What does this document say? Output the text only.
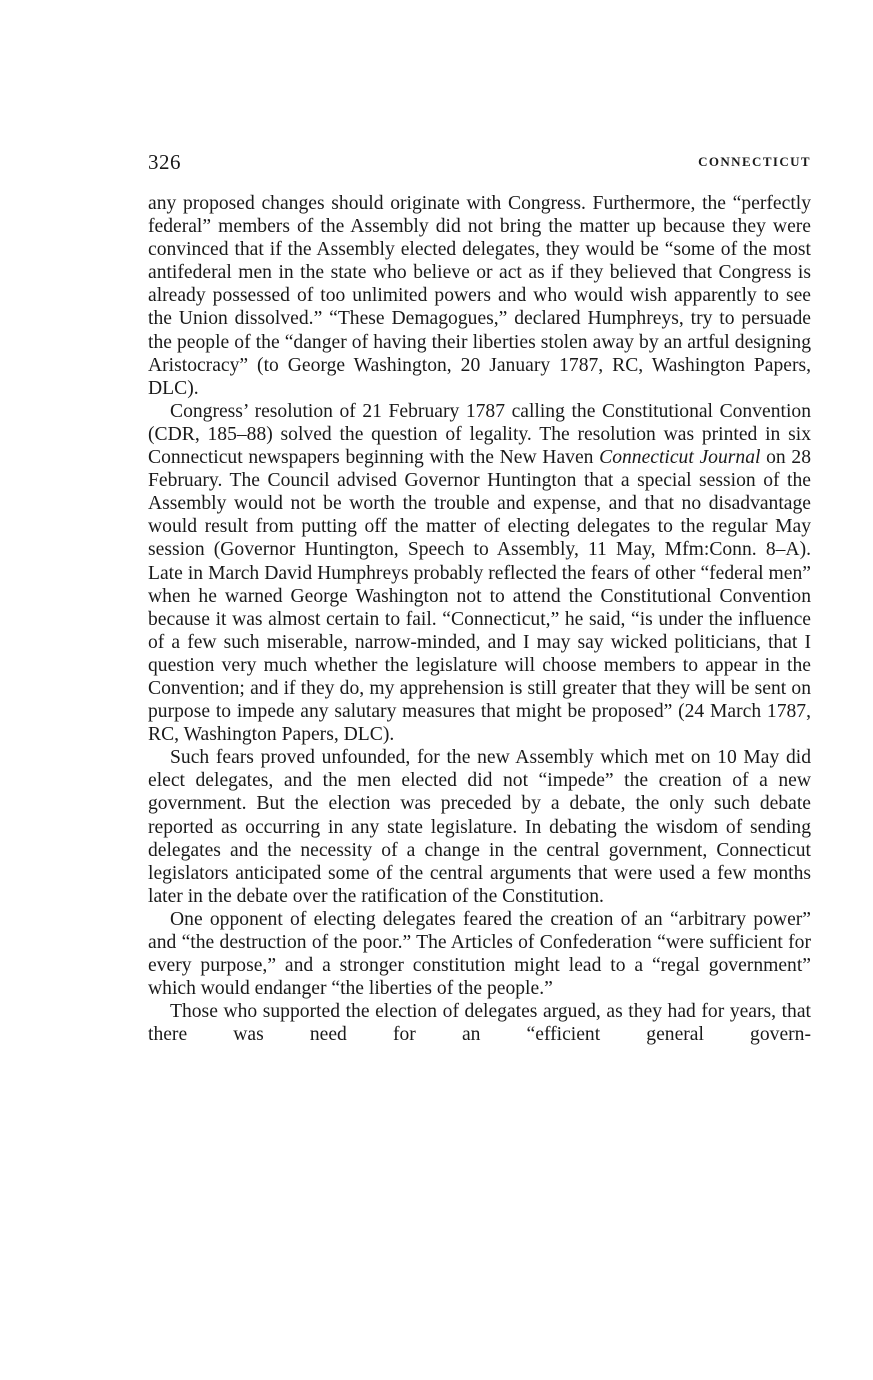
326	CONNECTICUT

any proposed changes should originate with Congress. Furthermore, the “perfectly federal” members of the Assembly did not bring the matter up because they were convinced that if the Assembly elected delegates, they would be “some of the most antifederal men in the state who believe or act as if they believed that Congress is already possessed of too unlimited powers and who would wish apparently to see the Union dissolved.” “These Demagogues,” declared Humphreys, try to persuade the people of the “danger of having their liberties stolen away by an artful designing Aristocracy” (to George Washington, 20 January 1787, RC, Washington Papers, DLC).

Congress’ resolution of 21 February 1787 calling the Constitutional Convention (CDR, 185–88) solved the question of legality. The resolution was printed in six Connecticut newspapers beginning with the New Haven Connecticut Journal on 28 February. The Council advised Governor Huntington that a special session of the Assembly would not be worth the trouble and expense, and that no disadvantage would result from putting off the matter of electing delegates to the regular May session (Governor Huntington, Speech to Assembly, 11 May, Mfm:Conn. 8–A). Late in March David Humphreys probably reflected the fears of other “federal men” when he warned George Washington not to attend the Constitutional Convention because it was almost certain to fail. “Connecticut,” he said, “is under the influence of a few such miserable, narrow-minded, and I may say wicked politicians, that I question very much whether the legislature will choose members to appear in the Convention; and if they do, my apprehension is still greater that they will be sent on purpose to impede any salutary measures that might be proposed” (24 March 1787, RC, Washington Papers, DLC).

Such fears proved unfounded, for the new Assembly which met on 10 May did elect delegates, and the men elected did not “impede” the creation of a new government. But the election was preceded by a debate, the only such debate reported as occurring in any state legislature. In debating the wisdom of sending delegates and the necessity of a change in the central government, Connecticut legislators anticipated some of the central arguments that were used a few months later in the debate over the ratification of the Constitution.

One opponent of electing delegates feared the creation of an “arbitrary power” and “the destruction of the poor.” The Articles of Confederation “were sufficient for every purpose,” and a stronger constitution might lead to a “regal government” which would endanger “the liberties of the people.”

Those who supported the election of delegates argued, as they had for years, that there was need for an “efficient general govern-
